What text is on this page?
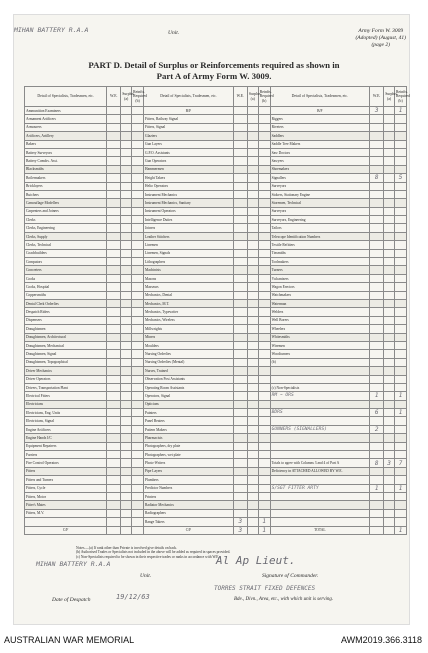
MIHAN BATTERY R.A.A	Unit.	Army Form W. 3009
(Adopted) (August, 41)
(page 2)
PART D. Detail of Surplus or Reinforcements required as shown in
Part A of Army Form W. 3009.
Detail of Specialists, Tradesmen, etc.	W.E.	Surplus (a)	Reinfts. Required (b)	Detail of Specialists, Tradesmen, etc.	W.E.	Surplus (a)	Reinfts. Required (b)	Detail of Specialists, Tradesmen, etc.	W.E.	Surplus (a)	Reinfts. Required (b)
Ammunition Examiners				B/F				B/F	3		1
Armament Artificers				Fitters, Railway Signal				Riggers			
Armourers				Fitters, Signal				Riveters			
Artificers, Artillery				Glaziers				Saddlers			
Bakers				Gun Layers				Saddle Tree Makers			
Battery Surveyors				G.P.O. Assistants				Saw Doctors			
Battery Comdrs. Asst.				Gun Operators				Sawyers			
Blacksmiths				Hammermen				Shoemakers			
Boilermakers				Height Takers				Signallers	8		5
Bricklayers				Helio Operators				Surveyors			
Butchers				Instrument Mechanics				Stokers, Stationary Engine			
Camouflage Modellers				Instrument Mechanics, Sanitary				Storemen, Technical			
Carpenters and Joiners				Instrument Operators				Surveyors			
Clerks				Intelligence Duties				Surveyors, Engineering			
Clerks, Engineering				Joiners				Tailors			
Clerks, Supply				Leather Stitchers				Telescope Identification Numbers			
Clerks, Technical				Linemen				Textile Refitters			
Coachbuilders				Linemen, Signals				Tinsmiths			
Computors				Lithographers				Toolmakers			
Concreters				Machinists				Turners			
Cooks				Masons				Vulcanizers			
Cooks, Hospital				Masseurs				Wagon Erectors			
Coppersmiths				Mechanics, Dental				Watchmakers			
Dental Clerk Orderlies				Mechanics, M.T.				Waterman			
Despatch Riders				Mechanics, Typewriter				Welders			
Dispensers				Mechanics, Wireless				Well Borers			
Draughtsmen				Millwrights				Wheelers			
Draughtsmen, Architectural				Miners				Whitesmiths			
Draughtsmen, Mechanical				Moulders				Wiremen			
Draughtsmen, Signal				Nursing Orderlies				Woodturners			
Draughtsmen, Topographical				Nursing Orderlies (Mental)				(b)			
Driver Mechanics				Nurses, Trained							
Driver Operators				Observation Post Assistants							
Drivers, Transportation Plant				Operating Room Assistants				(c) Non-Specialists			
Electrical Fitters				Operators, Signal				RM ~ ORS	1		1
Electricians				Opticians							
Electricians, Eng. Units				Painters				BDRS	6		1
Electricians, Signal				Panel Beaters							
Engine Artificers				Pattern Makers				GUNNERS (SIGNALLERS)	2		
Engine Hands I/C				Pharmacists							
Equipment Repairers				Photographers, dry plate							
Farriers				Photographers, wet plate							
Fire Control Operators				Photo-Writers				Totals to agree with Columns 3 and 4 of Part A	8	3	7
Fitters				Pipe Layers				Deficiency in ATTACHED ALLOWED BY W.E.			
Fitters and Turners				Plumbers							
Fitters, Cycle				Predictor Numbers				S/SGT FITTER ARTY	1		1
Fitters, Motor				Printers							
Fitter's Mates				Radiator Mechanics							
Fitters, M.V.				Radiographers							
				Range Takers	3		1				
C/F				C/F	3		1	TOTAL			1
Notes.—(a) If rank other than Private is involved give details on back.
(b) Authorised Trades or Specialists not included in the above will be added as required in spaces provided.
(c) Non-Specialists required to be shown in their respective trades or ranks in accordance with W.E.
MIHAN BATTERY R.A.A
Unit.
Al Ap Lieut.
Signature of Commander.
Date of Despatch	19/12/63
TORRES STRAIT FIXED DEFENCES
Bde., Divn., Area, etc., with which unit is serving.
AUSTRALIAN WAR MEMORIAL	AWM2019.366.3118
